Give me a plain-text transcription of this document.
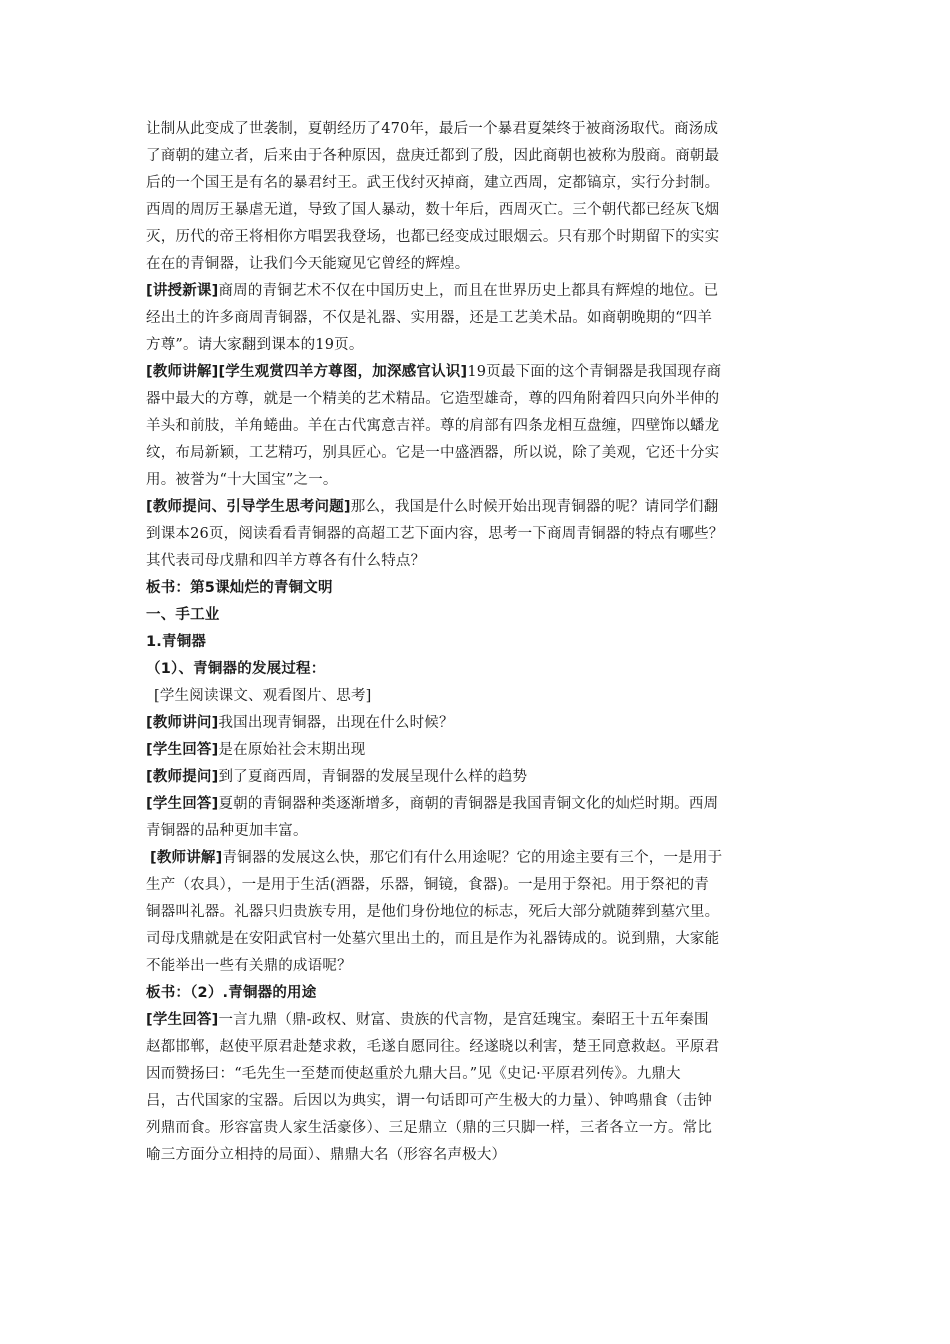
让制从此变成了世袭制，夏朝经历了470年，最后一个暴君夏桀终于被商汤取代。商汤成
了商朝的建立者，后来由于各种原因，盘庚迁都到了殷，因此商朝也被称为殷商。商朝最
后的一个国王是有名的暴君纣王。武王伐纣灭掉商，建立西周，定都镐京，实行分封制。
西周的周厉王暴虐无道，导致了国人暴动，数十年后，西周灭亡。三个朝代都已经灰飞烟
灭，历代的帝王将相你方唱罢我登场，也都已经变成过眼烟云。只有那个时期留下的实实
在在的青铜器，让我们今天能窥见它曾经的辉煌。
[讲授新课]商周的青铜艺术不仅在中国历史上，而且在世界历史上都具有辉煌的地位。已
经出土的许多商周青铜器，不仅是礼器、实用器，还是工艺美术品。如商朝晚期的“四羊
方尊”。请大家翻到课本的19页。
[教师讲解][学生观赏四羊方尊图，加深感官认识]19页最下面的这个青铜器是我国现存商
器中最大的方尊，就是一个精美的艺术精品。它造型雄奇，尊的四角附着四只向外半伸的
羊头和前肢，羊角蜷曲。羊在古代寓意吉祥。尊的肩部有四条龙相互盘缠，四壁饰以蟠龙
纹，布局新颖，工艺精巧，别具匠心。它是一中盛酒器，所以说，除了美观，它还十分实
用。被誉为“十大国宝”之一。
[教师提问、引导学生思考问题]那么，我国是什么时候开始出现青铜器的呢？请同学们翻
到课本26页，阅读看看青铜器的高超工艺下面内容，思考一下商周青铜器的特点有哪些？
其代表司母戊鼎和四羊方尊各有什么特点？
板书：第5课灿烂的青铜文明
一、手工业
1.青铜器
（1）、青铜器的发展过程：
[学生阅读课文、观看图片、思考]
[教师讲问]我国出现青铜器，出现在什么时候？
[学生回答]是在原始社会末期出现
[教师提问]到了夏商西周，青铜器的发展呈现什么样的趋势
[学生回答]夏朝的青铜器种类逐渐增多，商朝的青铜器是我国青铜文化的灿烂时期。西周
青铜器的品种更加丰富。
[教师讲解]青铜器的发展这么快，那它们有什么用途呢？它的用途主要有三个，一是用于
生产（农具），一是用于生活(酒器，乐器，铜镜，食器)。一是用于祭祀。用于祭祀的青
铜器叫礼器。礼器只归贵族专用，是他们身份地位的标志，死后大部分就随葬到墓穴里。
司母戊鼎就是在安阳武官村一处墓穴里出土的，而且是作为礼器铸成的。说到鼎，大家能
不能举出一些有关鼎的成语呢？
板书：（2）.青铜器的用途
[学生回答]一言九鼎（鼎-政权、财富、贵族的代言物，是宫廷瑰宝。秦昭王十五年秦围
赵都邯郸，赵使平原君赴楚求救，毛遂自愿同往。经遂晓以利害，楚王同意救赵。平原君
因而赞扬曰：“毛先生一至楚而使赵重於九鼎大吕。”见《史记·平原君列传》。九鼎大
吕，古代国家的宝器。后因以为典实，谓一句话即可产生极大的力量）、钟鸣鼎食（击钟
列鼎而食。形容富贵人家生活豪侈）、三足鼎立（鼎的三只脚一样，三者各立一方。常比
喻三方面分立相持的局面）、鼎鼎大名（形容名声极大）
